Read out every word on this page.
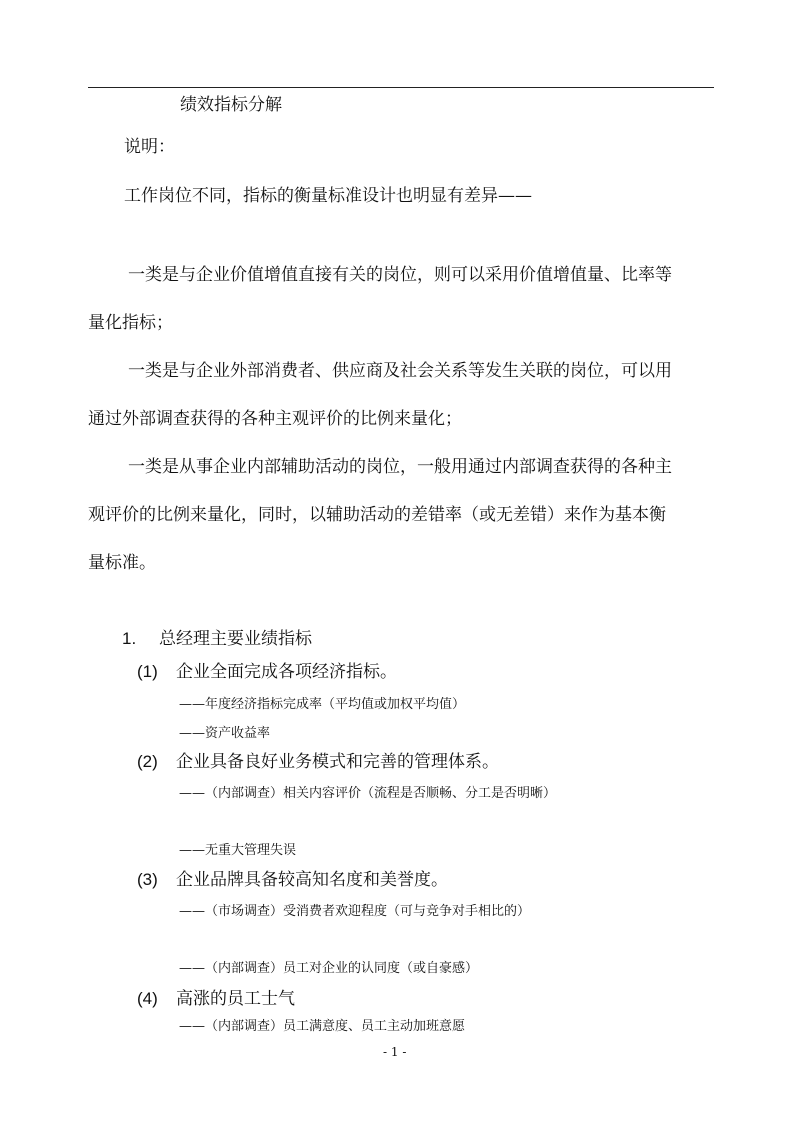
绩效指标分解
说明：
工作岗位不同，指标的衡量标准设计也明显有差异——
一类是与企业价值增值直接有关的岗位，则可以采用价值增值量、比率等
量化指标；
一类是与企业外部消费者、供应商及社会关系等发生关联的岗位，可以用
通过外部调查获得的各种主观评价的比例来量化；
一类是从事企业内部辅助活动的岗位，一般用通过内部调查获得的各种主
观评价的比例来量化，同时，以辅助活动的差错率（或无差错）来作为基本衡
量标准。
1. 总经理主要业绩指标
(1) 企业全面完成各项经济指标。
——年度经济指标完成率（平均值或加权平均值）
——资产收益率
(2) 企业具备良好业务模式和完善的管理体系。
——（内部调查）相关内容评价（流程是否顺畅、分工是否明晰）
——无重大管理失误
(3) 企业品牌具备较高知名度和美誉度。
——（市场调查）受消费者欢迎程度（可与竞争对手相比的）
——（内部调查）员工对企业的认同度（或自豪感）
(4) 高涨的员工士气
——（内部调查）员工满意度、员工主动加班意愿
- 1 -
